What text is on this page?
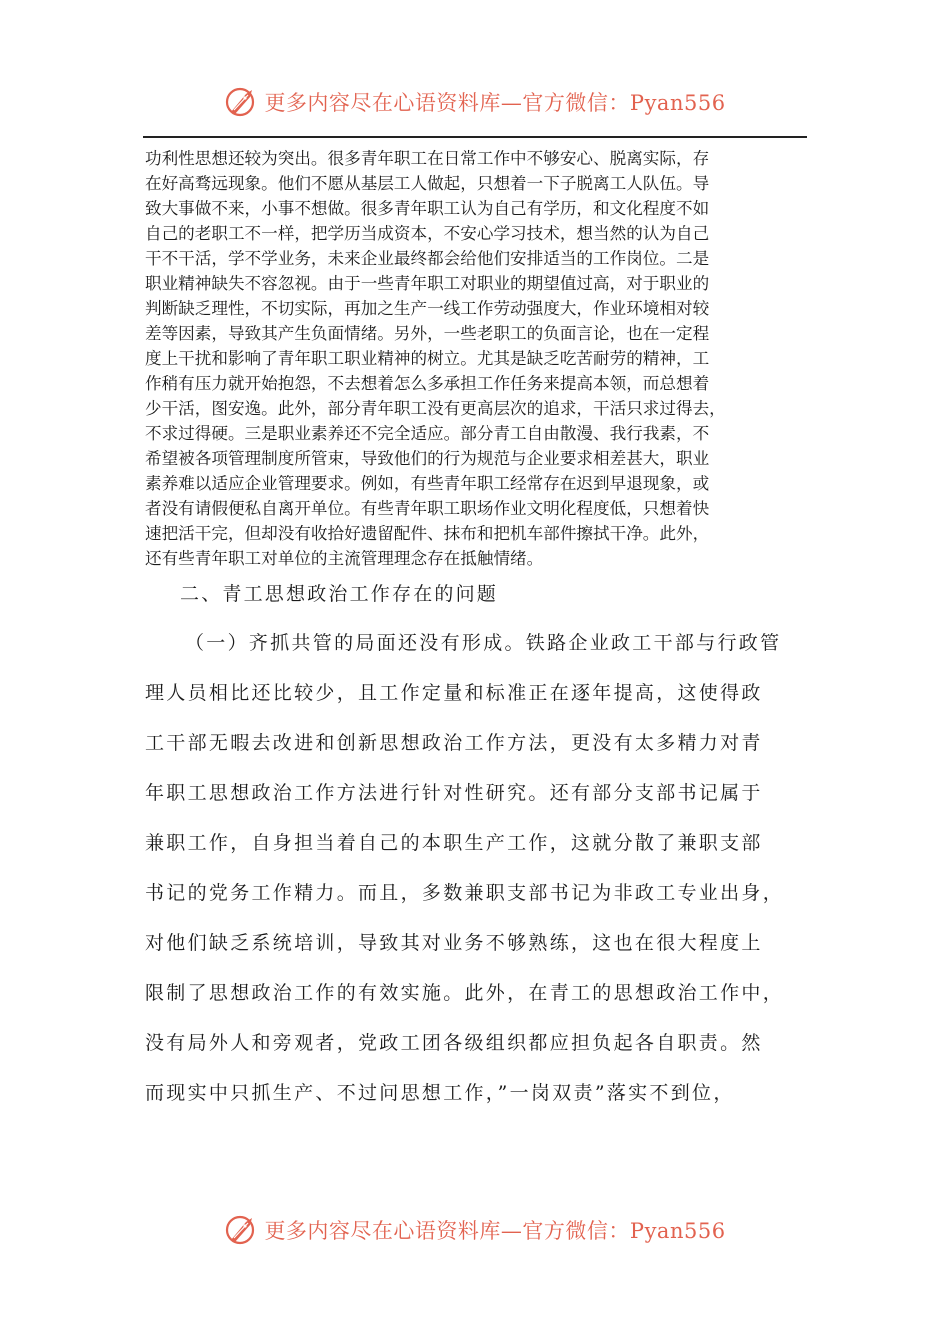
更多内容尽在心语资料库—官方微信：Pyan556
功利性思想还较为突出。很多青年职工在日常工作中不够安心、脱离实际，存
在好高骛远现象。他们不愿从基层工人做起，只想着一下子脱离工人队伍。导
致大事做不来，小事不想做。很多青年职工认为自己有学历，和文化程度不如
自己的老职工不一样，把学历当成资本，不安心学习技术，想当然的认为自己
干不干活，学不学业务，未来企业最终都会给他们安排适当的工作岗位。二是
职业精神缺失不容忽视。由于一些青年职工对职业的期望值过高，对于职业的
判断缺乏理性，不切实际，再加之生产一线工作劳动强度大，作业环境相对较
差等因素，导致其产生负面情绪。另外，一些老职工的负面言论，也在一定程
度上干扰和影响了青年职工职业精神的树立。尤其是缺乏吃苦耐劳的精神，工
作稍有压力就开始抱怨，不去想着怎么多承担工作任务来提高本领，而总想着
少干活，图安逸。此外，部分青年职工没有更高层次的追求，干活只求过得去，
不求过得硬。三是职业素养还不完全适应。部分青工自由散漫、我行我素，不
希望被各项管理制度所管束，导致他们的行为规范与企业要求相差甚大，职业
素养难以适应企业管理要求。例如，有些青年职工经常存在迟到早退现象，或
者没有请假便私自离开单位。有些青年职工职场作业文明化程度低，只想着快
速把活干完，但却没有收拾好遗留配件、抹布和把机车部件擦拭干净。此外，
还有些青年职工对单位的主流管理理念存在抵触情绪。
二、青工思想政治工作存在的问题
（一）齐抓共管的局面还没有形成。铁路企业政工干部与行政管
理人员相比还比较少，且工作定量和标准正在逐年提高，这使得政
工干部无暇去改进和创新思想政治工作方法，更没有太多精力对青
年职工思想政治工作方法进行针对性研究。还有部分支部书记属于
兼职工作，自身担当着自己的本职生产工作，这就分散了兼职支部
书记的党务工作精力。而且，多数兼职支部书记为非政工专业出身，
对他们缺乏系统培训，导致其对业务不够熟练，这也在很大程度上
限制了思想政治工作的有效实施。此外，在青工的思想政治工作中，
没有局外人和旁观者，党政工团各级组织都应担负起各自职责。然
而现实中只抓生产、不过问思想工作，”一岗双责”落实不到位，
更多内容尽在心语资料库—官方微信：Pyan556
